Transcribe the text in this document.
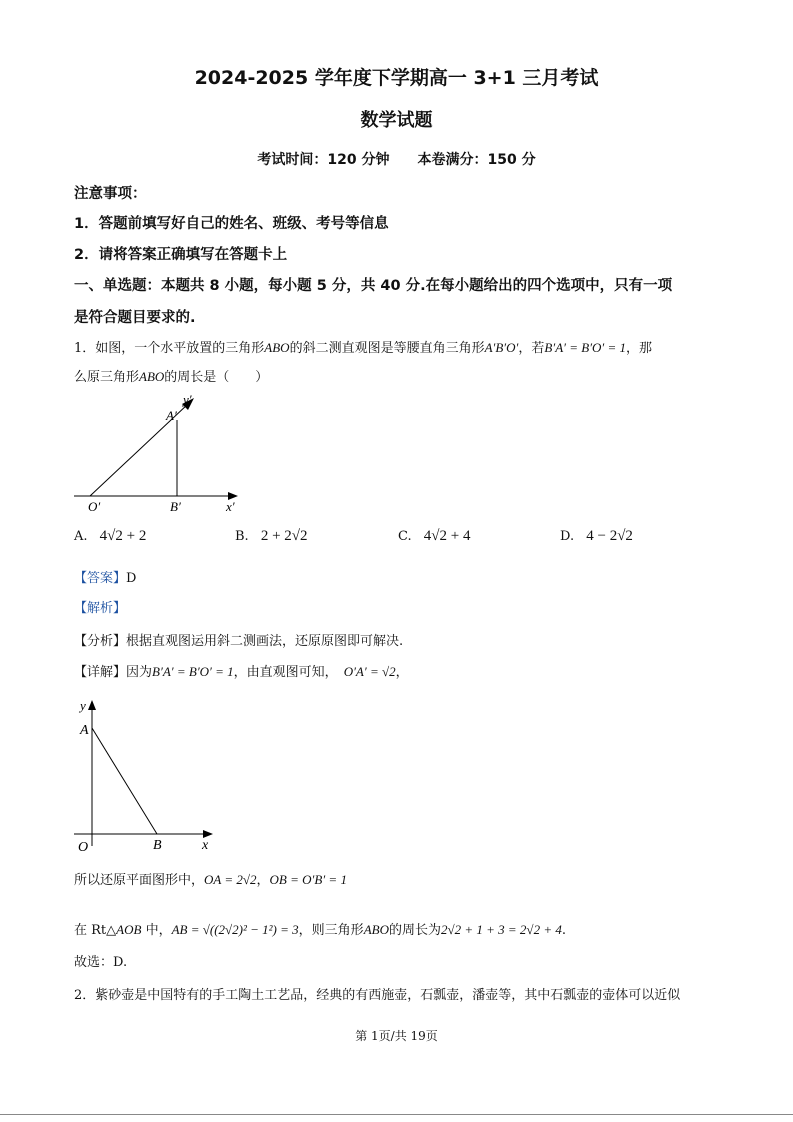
2024-2025 学年度下学期高一 3+1 三月考试
数学试题
考试时间：120 分钟　　本卷满分：150 分
注意事项：
1．答题前填写好自己的姓名、班级、考号等信息
2．请将答案正确填写在答题卡上
一、单选题：本题共 8 小题，每小题 5 分，共 40 分.在每小题给出的四个选项中，只有一项
是符合题目要求的.
1．如图，一个水平放置的三角形ABO的斜二测直观图是等腰直角三角形A′B′O′，若B′A′ = B′O′ = 1，那
么原三角形ABO的周长是（　　）
y′
A′
O′	B′	x′
A. 4√2 + 2	B. 2 + 2√2	C. 4√2 + 4	D. 4 − 2√2
【答案】D
【解析】
【分析】根据直观图运用斜二测画法，还原原图即可解决.
【详解】因为B′A′ = B′O′ = 1，由直观图可知， O′A′ = √2，
y
A
O	B	x
所以还原平面图形中，OA = 2√2，OB = O′B′ = 1
在 Rt△AOB 中，AB = √((2√2)² − 1²) = 3，则三角形ABO的周长为2√2 + 1 + 3 = 2√2 + 4.
故选：D.
2．紫砂壶是中国特有的手工陶土工艺品，经典的有西施壶，石瓢壶，潘壶等，其中石瓢壶的壶体可以近似
第 1页/共 19页
